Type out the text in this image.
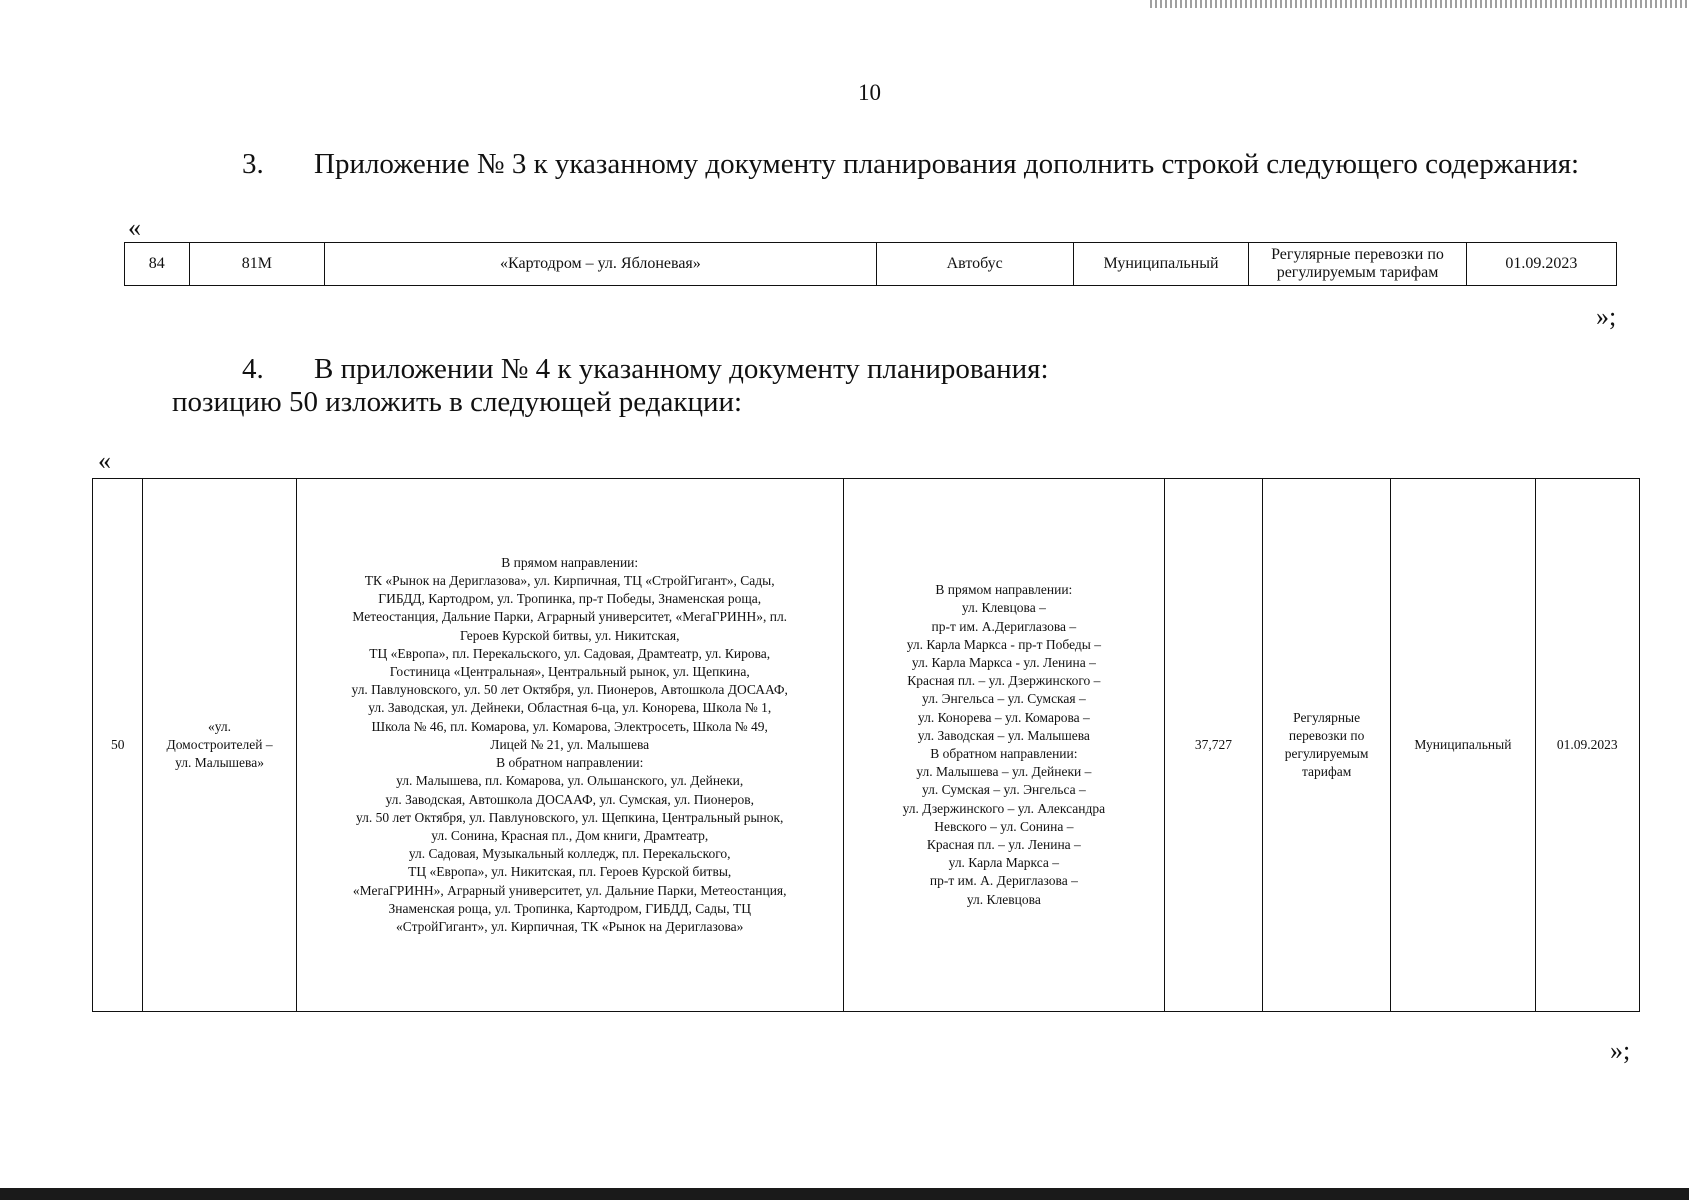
10
3. Приложение № 3 к указанному документу планирования дополнить строкой следующего содержания:
«
84	81М	«Картодром – ул. Яблоневая»	Автобус	Муниципальный	Регулярные перевозки по регулируемым тарифам	01.09.2023
»;
4. В приложении № 4 к указанному документу планирования:
позицию 50 изложить в следующей редакции:
«
50	«ул.
Домостроителей –
ул. Малышева»	В прямом направлении:
ТК «Рынок на Дериглазова», ул. Кирпичная, ТЦ «СтройГигант», Сады,
ГИБДД, Картодром, ул. Тропинка, пр-т Победы, Знаменская роща,
Метеостанция, Дальние Парки, Аграрный университет, «МегаГРИНН», пл.
Героев Курской битвы, ул. Никитская,
ТЦ «Европа», пл. Перекальского, ул. Садовая, Драмтеатр, ул. Кирова,
Гостиница «Центральная», Центральный рынок, ул. Щепкина,
ул. Павлуновского, ул. 50 лет Октября, ул. Пионеров, Автошкола ДОСААФ,
ул. Заводская, ул. Дейнеки, Областная 6-ца, ул. Конорева, Школа № 1,
Школа № 46, пл. Комарова, ул. Комарова, Электросеть, Школа № 49,
Лицей № 21, ул. Малышева
В обратном направлении:
ул. Малышева, пл. Комарова, ул. Ольшанского, ул. Дейнеки,
ул. Заводская, Автошкола ДОСААФ, ул. Сумская, ул. Пионеров,
ул. 50 лет Октября, ул. Павлуновского, ул. Щепкина, Центральный рынок,
ул. Сонина, Красная пл., Дом книги, Драмтеатр,
ул. Садовая, Музыкальный колледж, пл. Перекальского,
ТЦ «Европа», ул. Никитская, пл. Героев Курской битвы,
«МегаГРИНН», Аграрный университет, ул. Дальние Парки, Метеостанция,
Знаменская роща, ул. Тропинка, Картодром, ГИБДД, Сады, ТЦ
«СтройГигант», ул. Кирпичная, ТК «Рынок на Дериглазова»	В прямом направлении:
ул. Клевцова –
пр-т им. А.Дериглазова –
ул. Карла Маркса - пр-т Победы –
ул. Карла Маркса - ул. Ленина –
Красная пл. – ул. Дзержинского –
ул. Энгельса – ул. Сумская –
ул. Конорева – ул. Комарова –
ул. Заводская – ул. Малышева
В обратном направлении:
ул. Малышева – ул. Дейнеки –
ул. Сумская – ул. Энгельса –
ул. Дзержинского – ул. Александра
Невского – ул. Сонина –
Красная пл. – ул. Ленина –
ул. Карла Маркса –
пр-т им. А. Дериглазова –
ул. Клевцова	37,727	Регулярные
перевозки по
регулируемым
тарифам	Муниципальный	01.09.2023
»;
